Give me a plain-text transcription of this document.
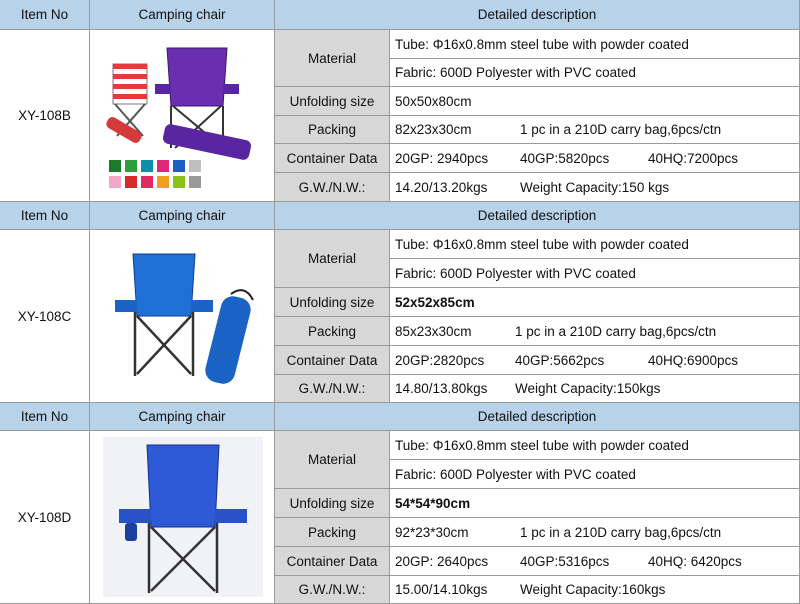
Item No	Camping chair	Detailed description
XY-108B
Material
Tube: Φ16x0.8mm steel tube with powder coated
Fabric: 600D Polyester with PVC coated
Unfolding size	50x50x80cm
Packing	82x23x30cm	1 pc in a 210D carry bag,6pcs/ctn
Container Data	20GP: 2940pcs 40GP:5820pcs	40HQ:7200pcs
G.W./N.W.:	14.20/13.20kgs Weight Capacity:150 kgs
Item No	Camping chair	Detailed description
XY-108C
Material
Tube: Φ16x0.8mm steel tube with powder coated
Fabric: 600D Polyester with PVC coated
Unfolding size	52x52x85cm
Packing	85x23x30cm	1 pc in a 210D carry bag,6pcs/ctn
Container Data	20GP:2820pcs 40GP:5662pcs	40HQ:6900pcs
G.W./N.W.:	14.80/13.80kgs Weight Capacity:150kgs
Item No	Camping chair	Detailed description
XY-108D
Material
Tube: Φ16x0.8mm steel tube with powder coated
Fabric: 600D Polyester with PVC coated
Unfolding size	54*54*90cm
Packing	92*23*30cm	1 pc in a 210D carry bag,6pcs/ctn
Container Data	20GP: 2640pcs 40GP:5316pcs	40HQ: 6420pcs
G.W./N.W.:	15.00/14.10kgs Weight Capacity:160kgs
